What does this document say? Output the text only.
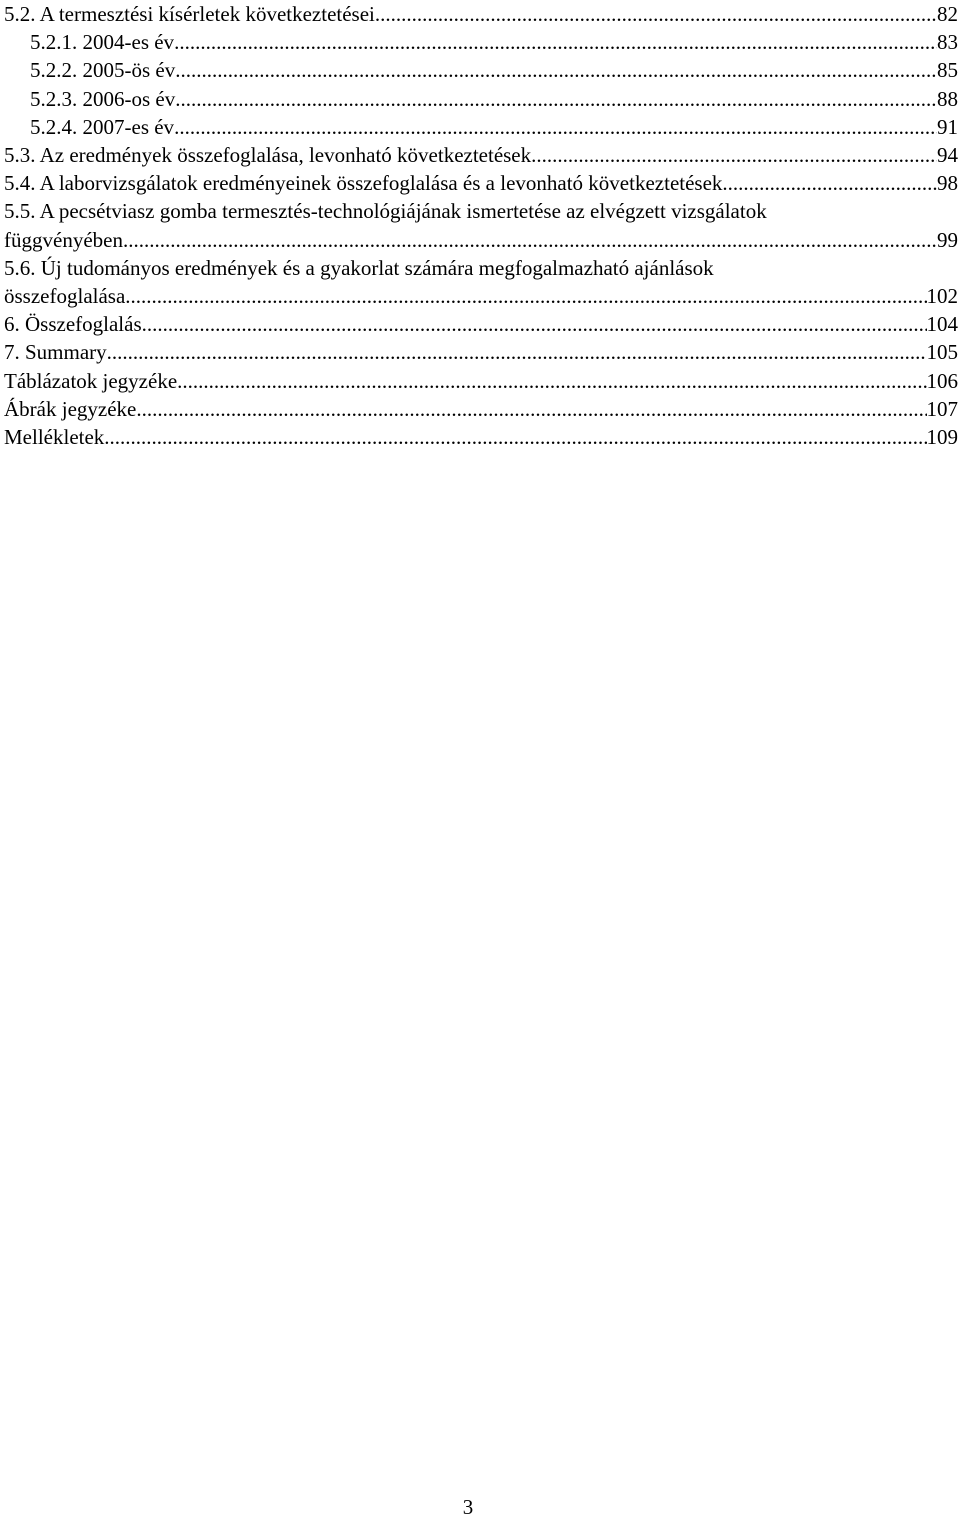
5.2. A termesztési kísérletek következtetései .....	82
5.2.1. 2004-es év .....	83
5.2.2. 2005-ös év .....	85
5.2.3. 2006-os év .....	88
5.2.4. 2007-es év .....	91
5.3. Az eredmények összefoglalása, levonható következtetések .....	94
5.4. A laborvizsgálatok eredményeinek összefoglalása és a levonható következtetések .....	98
5.5. A pecsétviasz gomba termesztés-technológiájának ismertetése az elvégzett vizsgálatok
függvényében .....	99
5.6. Új tudományos eredmények és a gyakorlat számára megfogalmazható ajánlások
összefoglalása .....	102
6. Összefoglalás .....	104
7. Summary .....	105
Táblázatok jegyzéke .....	106
Ábrák jegyzéke .....	107
Mellékletek .....	109
3
